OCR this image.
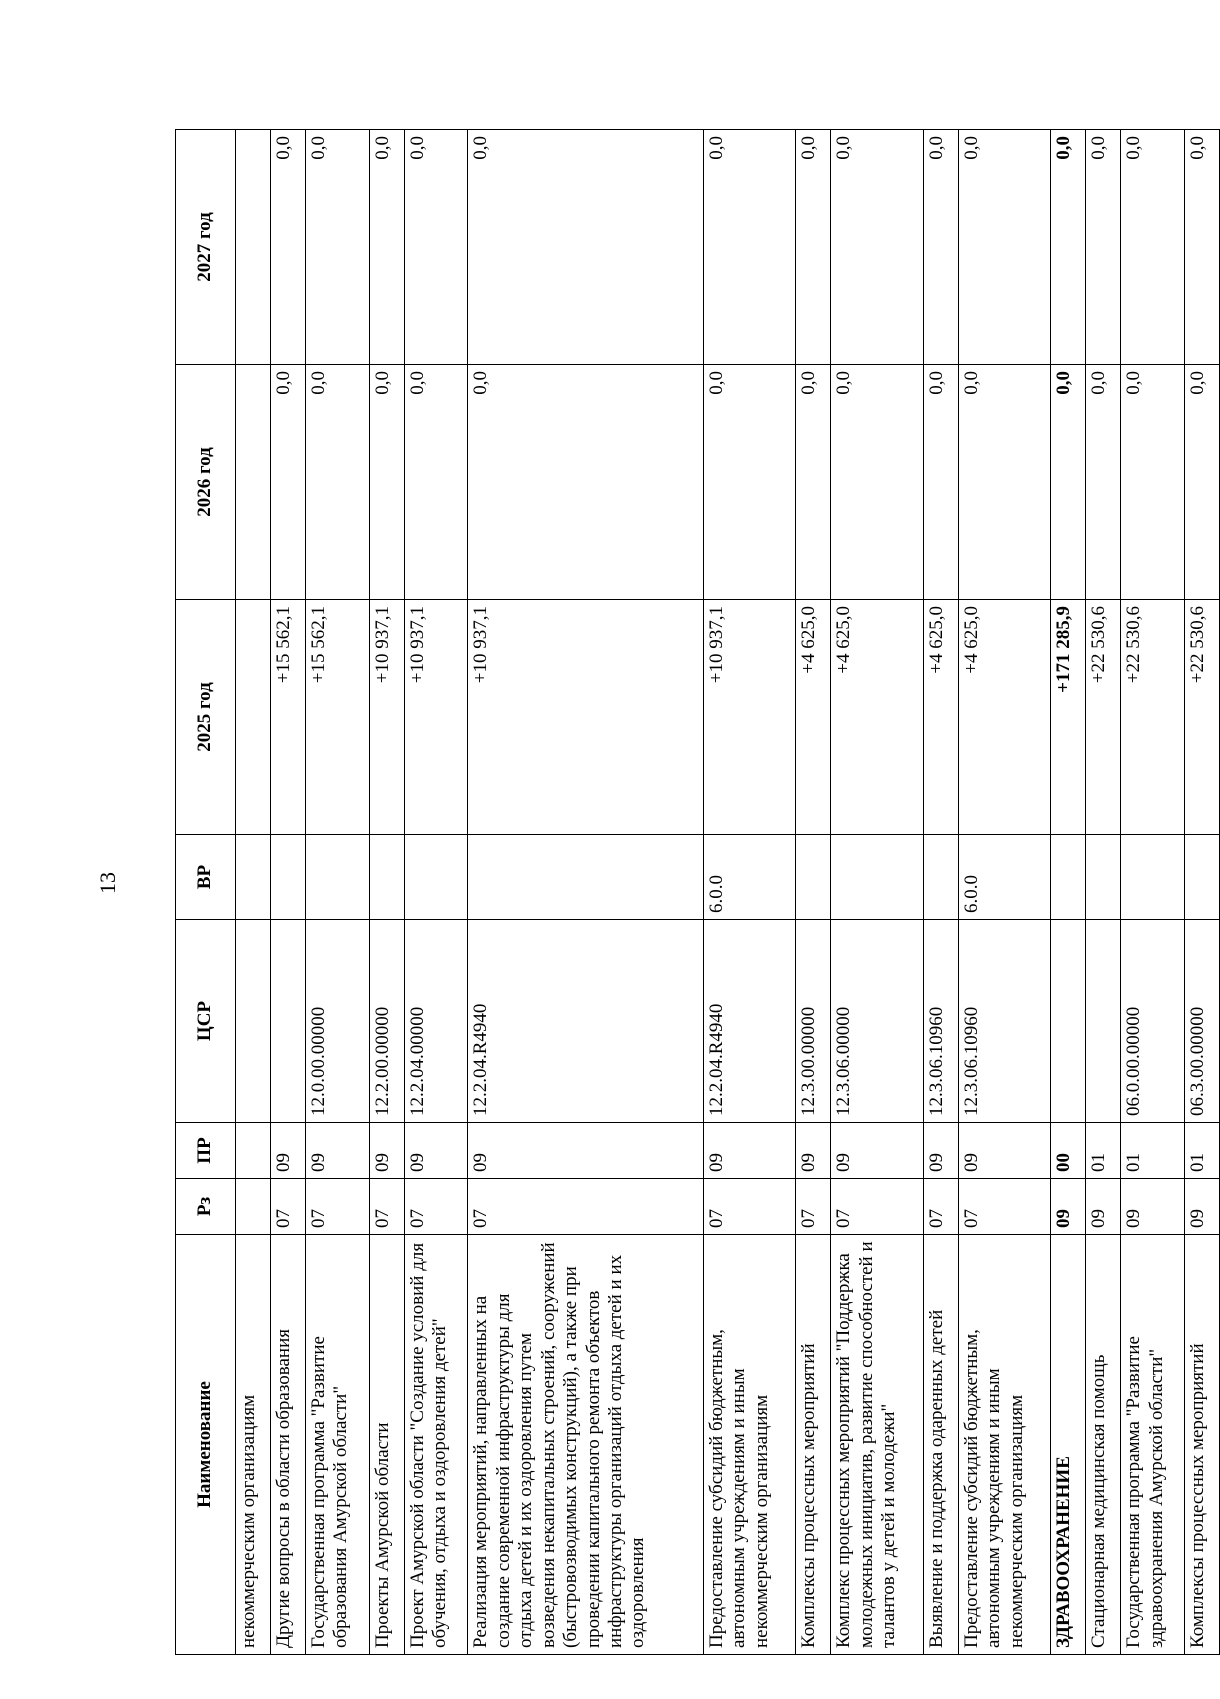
13
Наименование	Рз	ПР	ЦСР	ВР	2025 год	2026 год	2027 год
некоммерческим организациям							
Другие вопросы в области образования	07	09			+15 562,1	0,0	0,0
Государственная программа "Развитие образования Амурской области"	07	09	12.0.00.00000		+15 562,1	0,0	0,0
Проекты Амурской области	07	09	12.2.00.00000		+10 937,1	0,0	0,0
Проект Амурской области "Создание условий для обучения, отдыха и оздоровления детей"	07	09	12.2.04.00000		+10 937,1	0,0	0,0
Реализация мероприятий, направленных на создание современной инфраструктуры для отдыха детей и их оздоровления путем возведения некапитальных строений, сооружений (быстровозводимых конструкций), а также при проведении капитального ремонта объектов инфраструктуры организаций отдыха детей и их оздоровления	07	09	12.2.04.R4940		+10 937,1	0,0	0,0
Предоставление субсидий бюджетным, автономным учреждениям и иным некоммерческим организациям	07	09	12.2.04.R4940	6.0.0	+10 937,1	0,0	0,0
Комплексы процессных мероприятий	07	09	12.3.00.00000		+4 625,0	0,0	0,0
Комплекс процессных мероприятий "Поддержка молодежных инициатив, развитие способностей и талантов у детей и молодежи"	07	09	12.3.06.00000		+4 625,0	0,0	0,0
Выявление и поддержка одаренных детей	07	09	12.3.06.10960		+4 625,0	0,0	0,0
Предоставление субсидий бюджетным, автономным учреждениям и иным некоммерческим организациям	07	09	12.3.06.10960	6.0.0	+4 625,0	0,0	0,0
ЗДРАВООХРАНЕНИЕ	09	00			+171 285,9	0,0	0,0
Стационарная медицинская помощь	09	01			+22 530,6	0,0	0,0
Государственная программа "Развитие здравоохранения Амурской области"	09	01	06.0.00.00000		+22 530,6	0,0	0,0
Комплексы процессных мероприятий	09	01	06.3.00.00000		+22 530,6	0,0	0,0
